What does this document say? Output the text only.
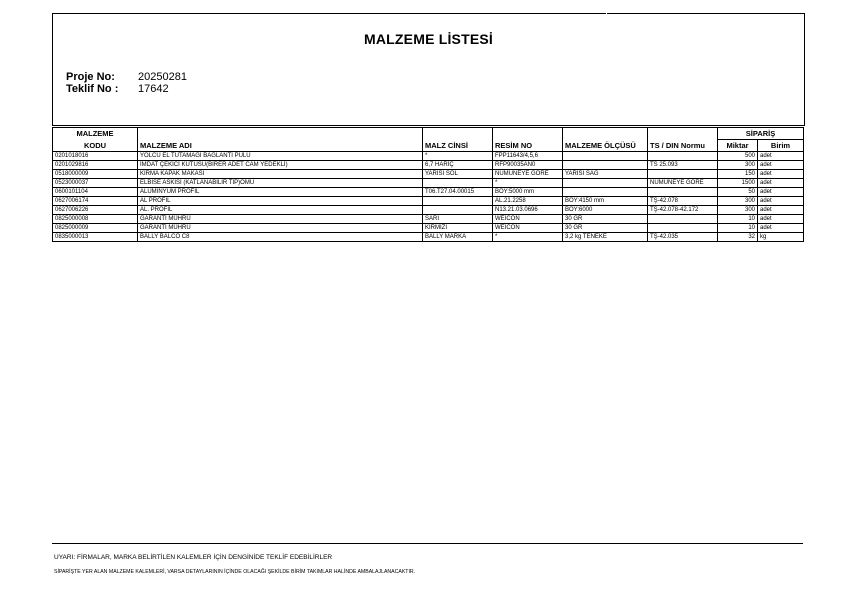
MALZEME LİSTESİ
Proje No:	20250281
Teklif No :	17642
MALZEME						SİPARİŞ	
KODU	MALZEME ADI	MALZ CİNSİ	RESİM NO	MALZEME ÖLÇÜSÜ	TS / DIN Normu	Miktar	Birim
0201018016	YOLCU EL TUTAMAGI BAGLANTI PULU	*	FPP11643/4,5,6			500	adet
0201029816	İMDAT ÇEKİCİ KUTUSU(BİRER ADET CAM YEDEKLİ)	6,7 HARİÇ	RFP90035AN0		TS 25.093	300	adet
0518000009	KIRMA KAPAK MAKASI	YARISI SOL	NUMUNEYE GORE	YARISI SAG		150	adet
0523000037	ELBİSE ASKISI (KATLANABILIR TIP)OMU		*		NUMUNEYE GORE	1500	adet
0600101104	ALUMINYUM PROFIL	T06.T27.04.00015	BOY:5000 mm			50	adet
0627006174	AL PROFIL		AL.21.2258	BOY:4150 mm	TŞ-42.078	300	adet
0627006226	AL. PROFIL		N13.21.03.0696	BOY:6000	TŞ-42.078-42.172	300	adet
0825000008	GARANTİ MÜHRÜ	SARI	WEICON	30 GR		10	adet
0825000009	GARANTİ MÜHRÜ	KIRMIZI	WEICON	30 GR		10	adet
0835000013	BALLY BALCO C8	BALLY MARKA	*	3,2 kg TENEKE	TŞ-42.035	32	kg
UYARI: FİRMALAR, MARKA BELİRTİLEN KALEMLER İÇİN DENGİNİDE TEKLİF EDEBİLİRLER
SİPARİŞTE YER ALAN MALZEME KALEMLERİ, VARSA DETAYLARININ İÇİNDE OLACAĞI ŞEKİLDE BİRİM TAKIMLAR HALİNDE AMBALAJLANACAKTIR.
